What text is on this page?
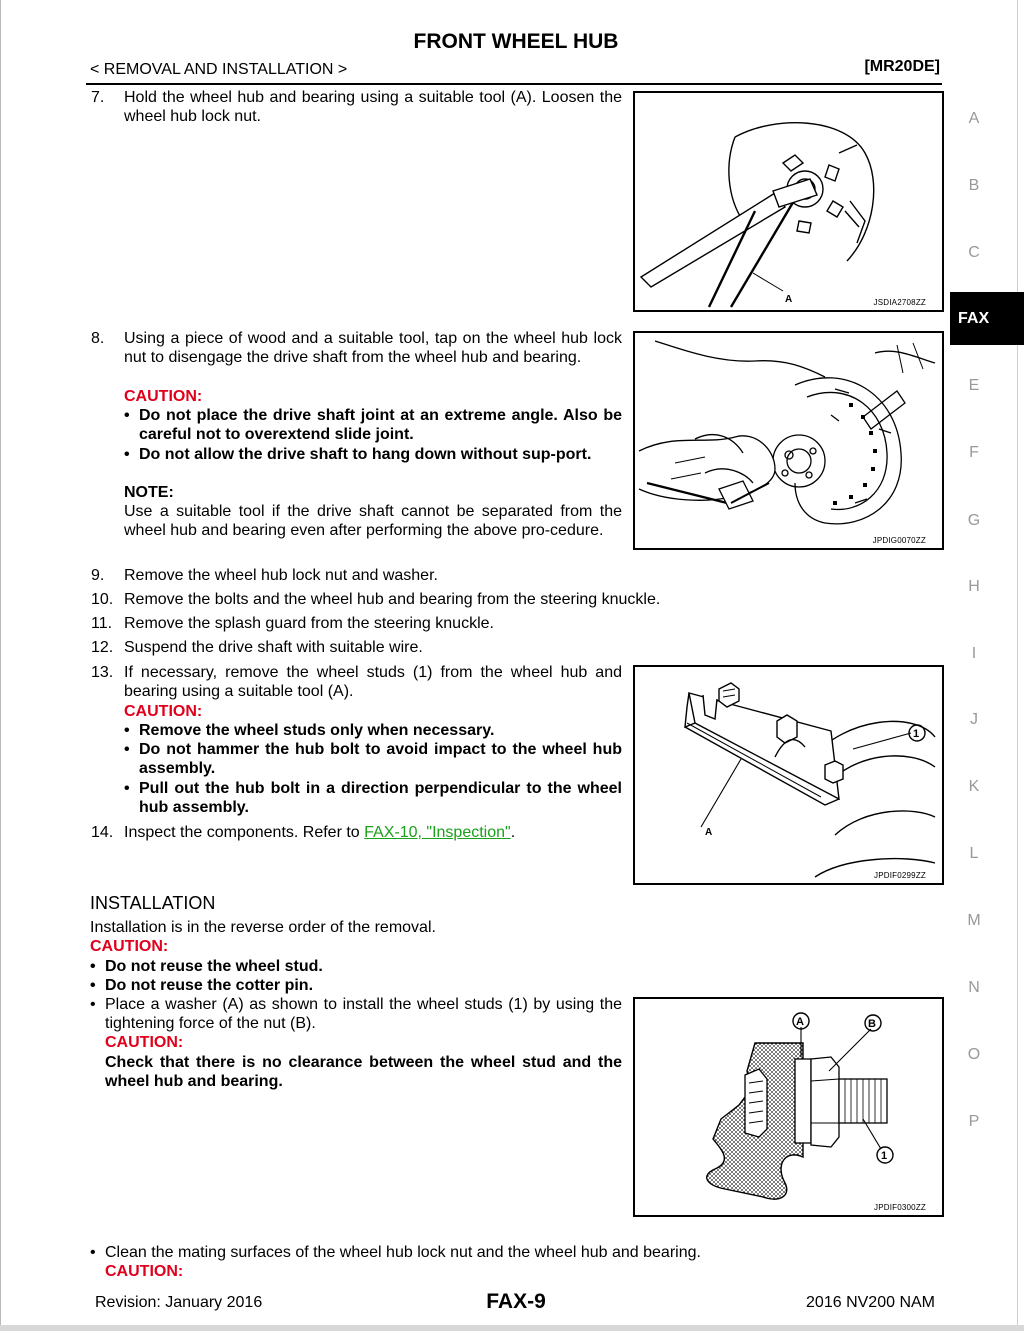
FRONT WHEEL HUB
< REMOVAL AND INSTALLATION >	[MR20DE]
7. Hold the wheel hub and bearing using a suitable tool (A). Loosen the wheel hub lock nut.
A	JSDIA2708ZZ
8. Using a piece of wood and a suitable tool, tap on the wheel hub lock nut to disengage the drive shaft from the wheel hub and bearing.
CAUTION:
• Do not place the drive shaft joint at an extreme angle. Also be careful not to overextend slide joint.
• Do not allow the drive shaft to hang down without sup-port.
NOTE:
Use a suitable tool if the drive shaft cannot be separated from the wheel hub and bearing even after performing the above pro-cedure.
JPDIG0070ZZ
9. Remove the wheel hub lock nut and washer.
10. Remove the bolts and the wheel hub and bearing from the steering knuckle.
11. Remove the splash guard from the steering knuckle.
12. Suspend the drive shaft with suitable wire.
13. If necessary, remove the wheel studs (1) from the wheel hub and bearing using a suitable tool (A).
CAUTION:
• Remove the wheel studs only when necessary.
• Do not hammer the hub bolt to avoid impact to the wheel hub assembly.
• Pull out the hub bolt in a direction perpendicular to the wheel hub assembly.
14. Inspect the components. Refer to FAX-10, "Inspection".
1
A
JPDIF0299ZZ
INSTALLATION
Installation is in the reverse order of the removal.
CAUTION:
• Do not reuse the wheel stud.
• Do not reuse the cotter pin.
• Place a washer (A) as shown to install the wheel studs (1) by using the tightening force of the nut (B).
CAUTION:
Check that there is no clearance between the wheel stud and the wheel hub and bearing.
A	B
1
JPDIF0300ZZ
• Clean the mating surfaces of the wheel hub lock nut and the wheel hub and bearing.
CAUTION:
A
B
C
FAX
E
F
G
H
I
J
K
L
M
N
O
P
Revision: January 2016	FAX-9	2016 NV200 NAM
